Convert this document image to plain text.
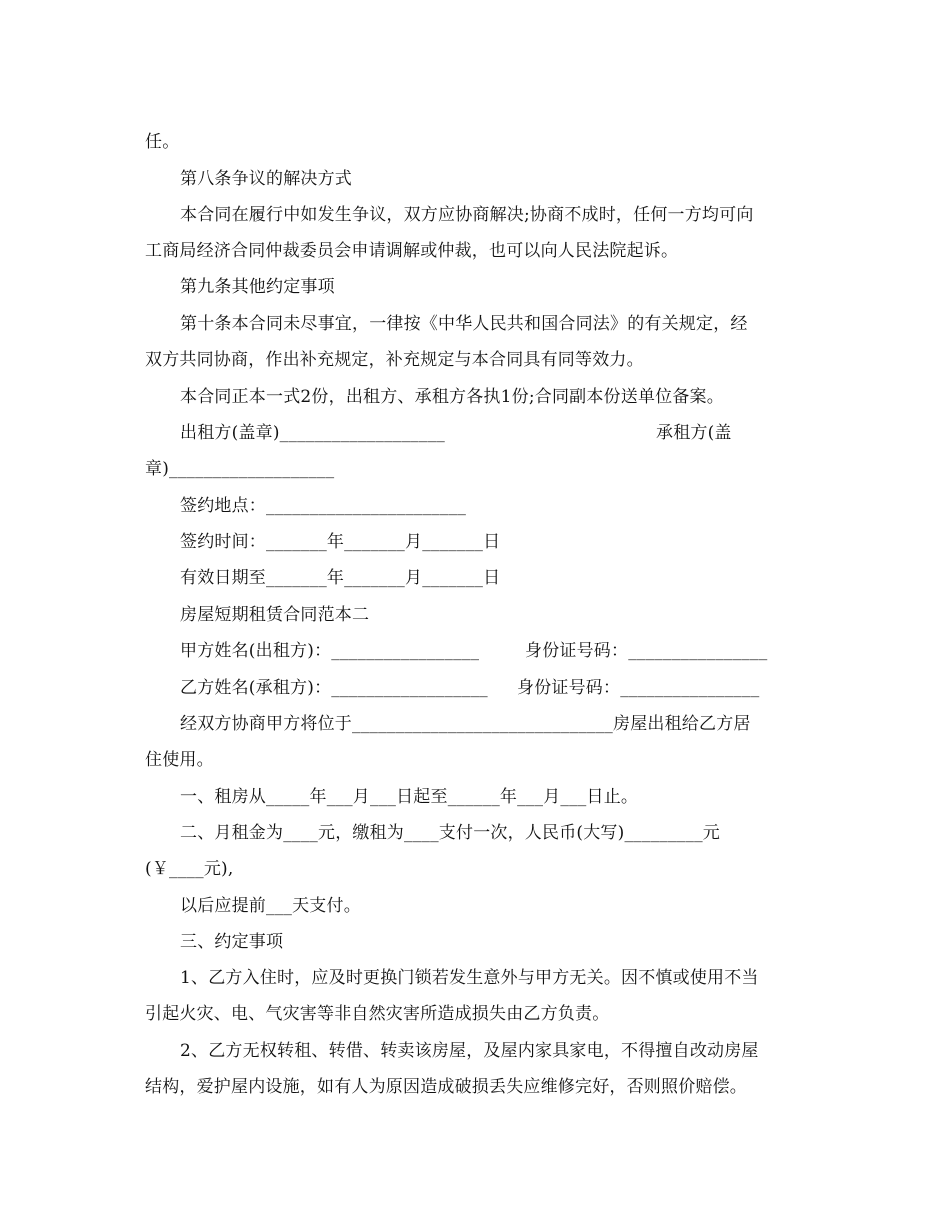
任。
第八条争议的解决方式
本合同在履行中如发生争议，双方应协商解决;协商不成时，任何一方均可向
工商局经济合同仲裁委员会申请调解或仲裁，也可以向人民法院起诉。
第九条其他约定事项
第十条本合同未尽事宜，一律按《中华人民共和国合同法》的有关规定，经
双方共同协商，作出补充规定，补充规定与本合同具有同等效力。
本合同正本一式2份，出租方、承租方各执1份;合同副本份送单位备案。
出租方(盖章)___________________	承租方(盖
章)___________________
签约地点：_______________________
签约时间：_______年_______月_______日
有效日期至_______年_______月_______日
房屋短期租赁合同范本二
甲方姓名(出租方)：_________________	身份证号码：________________
乙方姓名(承租方)：__________________ 身份证号码：________________
经双方协商甲方将位于______________________________房屋出租给乙方居
住使用。
一、租房从_____年___月___日起至______年___月___日止。
二、月租金为____元，缴租为____支付一次，人民币(大写)_________元
(￥____元),
以后应提前___天支付。
三、约定事项
1、乙方入住时，应及时更换门锁若发生意外与甲方无关。因不慎或使用不当
引起火灾、电、气灾害等非自然灾害所造成损失由乙方负责。
2、乙方无权转租、转借、转卖该房屋，及屋内家具家电，不得擅自改动房屋
结构，爱护屋内设施，如有人为原因造成破损丢失应维修完好，否则照价赔偿。
